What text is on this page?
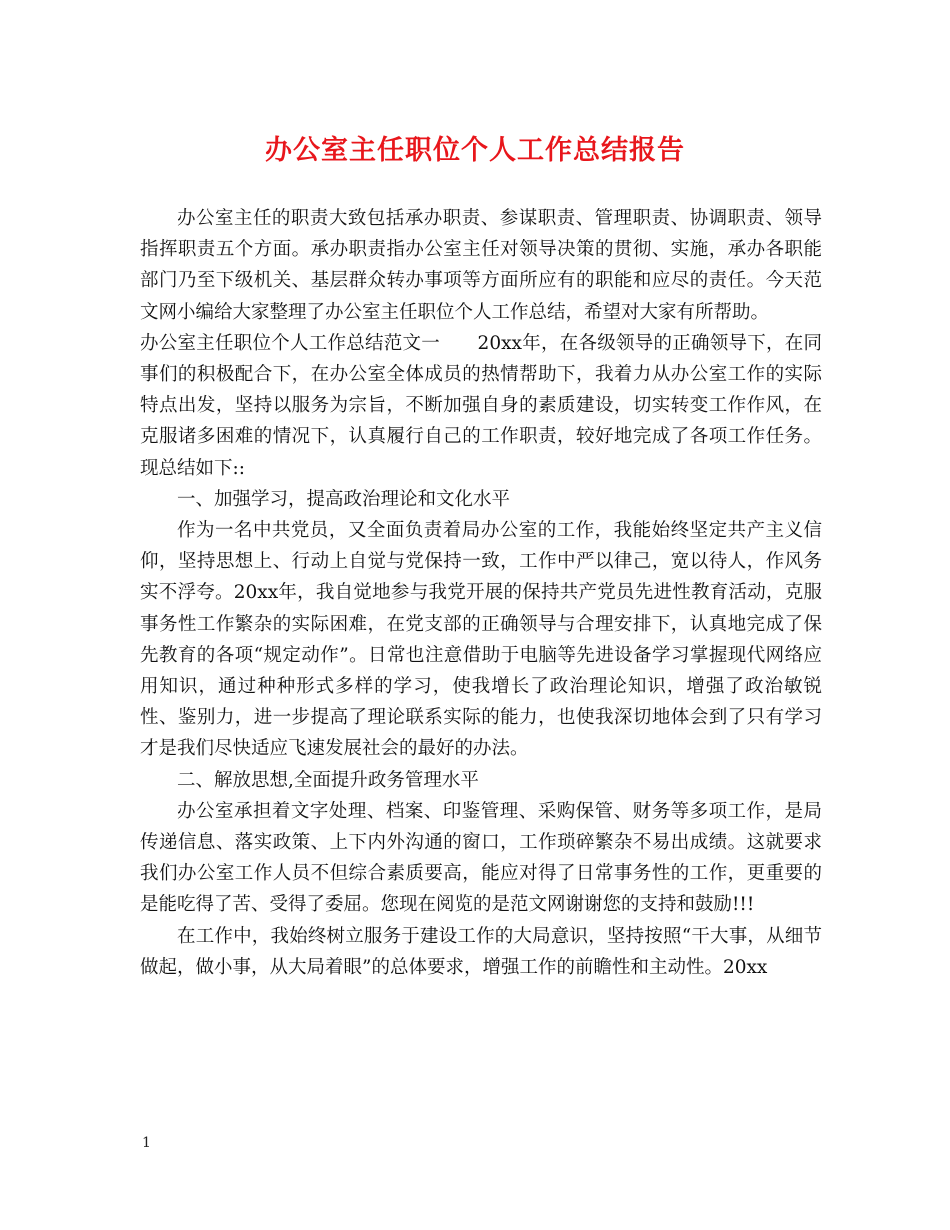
办公室主任职位个人工作总结报告

办公室主任的职责大致包括承办职责、参谋职责、管理职责、协调职责、领导指挥职责五个方面。承办职责指办公室主任对领导决策的贯彻、实施，承办各职能部门乃至下级机关、基层群众转办事项等方面所应有的职能和应尽的责任。今天范文网小编给大家整理了办公室主任职位个人工作总结，希望对大家有所帮助。

办公室主任职位个人工作总结范文一　　20xx年，在各级领导的正确领导下，在同事们的积极配合下，在办公室全体成员的热情帮助下，我着力从办公室工作的实际特点出发，坚持以服务为宗旨，不断加强自身的素质建设，切实转变工作作风，在克服诸多困难的情况下，认真履行自己的工作职责，较好地完成了各项工作任务。现总结如下::

一、加强学习，提高政治理论和文化水平

作为一名中共党员，又全面负责着局办公室的工作，我能始终坚定共产主义信仰，坚持思想上、行动上自觉与党保持一致，工作中严以律己，宽以待人，作风务实不浮夸。20xx年，我自觉地参与我党开展的保持共产党员先进性教育活动，克服事务性工作繁杂的实际困难，在党支部的正确领导与合理安排下，认真地完成了保先教育的各项“规定动作”。日常也注意借助于电脑等先进设备学习掌握现代网络应用知识，通过种种形式多样的学习，使我增长了政治理论知识，增强了政治敏锐性、鉴别力，进一步提高了理论联系实际的能力，也使我深切地体会到了只有学习才是我们尽快适应飞速发展社会的最好的办法。

二、解放思想,全面提升政务管理水平

办公室承担着文字处理、档案、印鉴管理、采购保管、财务等多项工作，是局传递信息、落实政策、上下内外沟通的窗口，工作琐碎繁杂不易出成绩。这就要求我们办公室工作人员不但综合素质要高，能应对得了日常事务性的工作，更重要的是能吃得了苦、受得了委屈。您现在阅览的是范文网谢谢您的支持和鼓励!!!

在工作中，我始终树立服务于建设工作的大局意识，坚持按照“干大事，从细节做起，做小事，从大局着眼”的总体要求，增强工作的前瞻性和主动性。20xx

1
